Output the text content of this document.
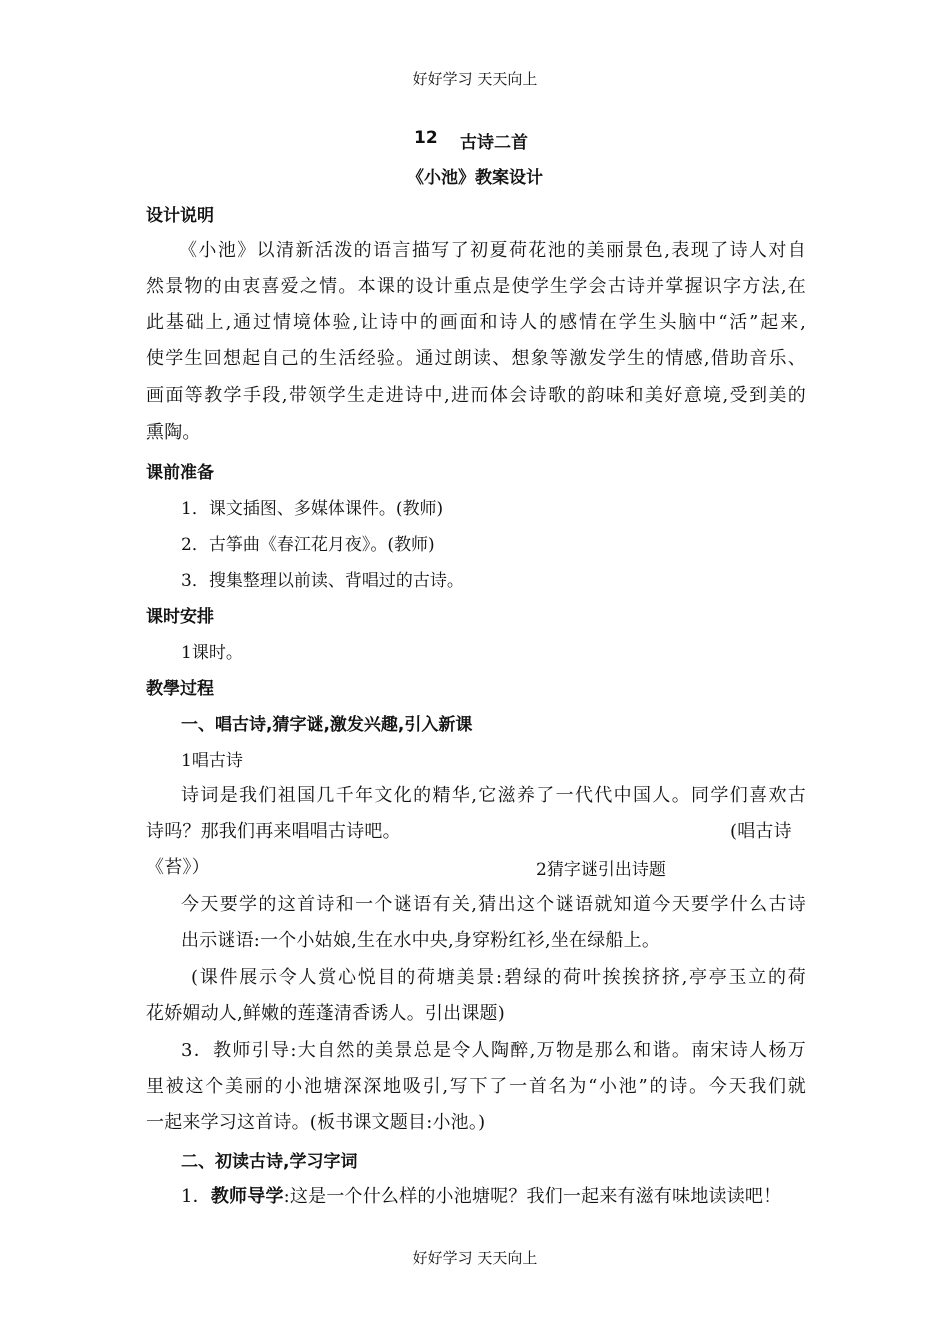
好好学习 天天向上
12 古诗二首
《小池》教案设计
设计说明
《小池》以清新活泼的语言描写了初夏荷花池的美丽景色,表现了诗人对自
然景物的由衷喜爱之情。本课的设计重点是使学生学会古诗并掌握识字方法,在
此基础上,通过情境体验,让诗中的画面和诗人的感情在学生头脑中“活”起来,
使学生回想起自己的生活经验。通过朗读、想象等激发学生的情感,借助音乐、
画面等教学手段,带领学生走进诗中,进而体会诗歌的韵味和美好意境,受到美的
熏陶。
课前准备
1．课文插图、多媒体课件。(教师)
2．古筝曲《春江花月夜》。(教师)
3．搜集整理以前读、背唱过的古诗。
课时安排
1课时。
教學过程
一、唱古诗,猜字谜,激发兴趣,引入新课
1唱古诗
诗词是我们祖国几千年文化的精华,它滋养了一代代中国人。同学们喜欢古
诗吗？那我们再来唱唱古诗吧。	(唱古诗
《苔》）	2猜字谜引出诗题
今天要学的这首诗和一个谜语有关,猜出这个谜语就知道今天要学什么古诗
出示谜语:一个小姑娘,生在水中央,身穿粉红衫,坐在绿船上。
(课件展示令人赏心悦目的荷塘美景:碧绿的荷叶挨挨挤挤,亭亭玉立的荷
花娇媚动人,鲜嫩的莲蓬清香诱人。引出课题)
3．教师引导:大自然的美景总是令人陶醉,万物是那么和谐。南宋诗人杨万
里被这个美丽的小池塘深深地吸引,写下了一首名为“小池”的诗。今天我们就
一起来学习这首诗。(板书课文题目:小池。)
二、初读古诗,学习字词
1．教师导学:这是一个什么样的小池塘呢？我们一起来有滋有味地读读吧！
好好学习 天天向上
